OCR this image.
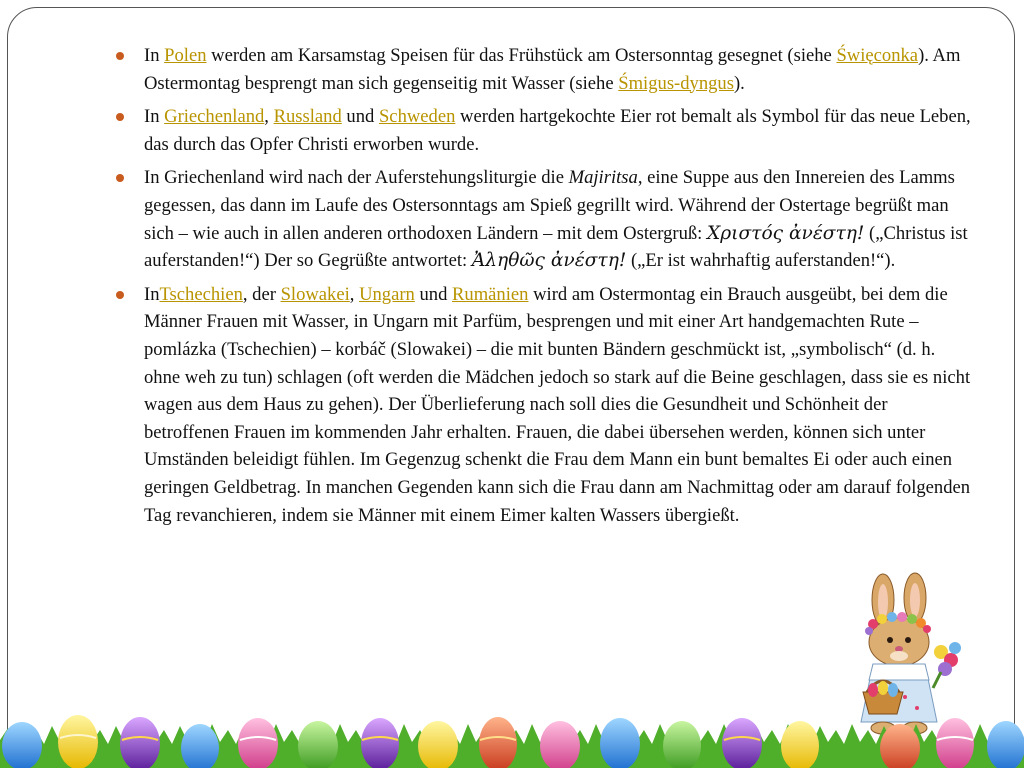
In Polen werden am Karsamstag Speisen für das Frühstück am Ostersonntag gesegnet (siehe Święconka). Am Ostermontag besprengt man sich gegenseitig mit Wasser (siehe Śmigus-dyngus).
In Griechenland, Russland und Schweden werden hartgekochte Eier rot bemalt als Symbol für das neue Leben, das durch das Opfer Christi erworben wurde.
In Griechenland wird nach der Auferstehungsliturgie die Majiritsa, eine Suppe aus den Innereien des Lamms gegessen, das dann im Laufe des Ostersonntags am Spieß gegrillt wird. Während der Ostertage begrüßt man sich – wie auch in allen anderen orthodoxen Ländern – mit dem Ostergruß: Χριστός ἀνέστη! („Christus ist auferstanden!“) Der so Gegrüßte antwortet: Ἀληθῶς ἀνέστη! („Er ist wahrhaftig auferstanden!“).
InTschechien, der Slowakei, Ungarn und Rumänien wird am Ostermontag ein Brauch ausgeübt, bei dem die Männer Frauen mit Wasser, in Ungarn mit Parfüm, besprengen und mit einer Art handgemachten Rute – pomlázka (Tschechien) – korbáč (Slowakei) – die mit bunten Bändern geschmückt ist, „symbolisch“ (d. h. ohne weh zu tun) schlagen (oft werden die Mädchen jedoch so stark auf die Beine geschlagen, dass sie es nicht wagen aus dem Haus zu gehen). Der Überlieferung nach soll dies die Gesundheit und Schönheit der betroffenen Frauen im kommenden Jahr erhalten. Frauen, die dabei übersehen werden, können sich unter Umständen beleidigt fühlen. Im Gegenzug schenkt die Frau dem Mann ein bunt bemaltes Ei oder auch einen geringen Geldbetrag. In manchen Gegenden kann sich die Frau dann am Nachmittag oder am darauf folgenden Tag revanchieren, indem sie Männer mit einem Eimer kalten Wassers übergießt.
